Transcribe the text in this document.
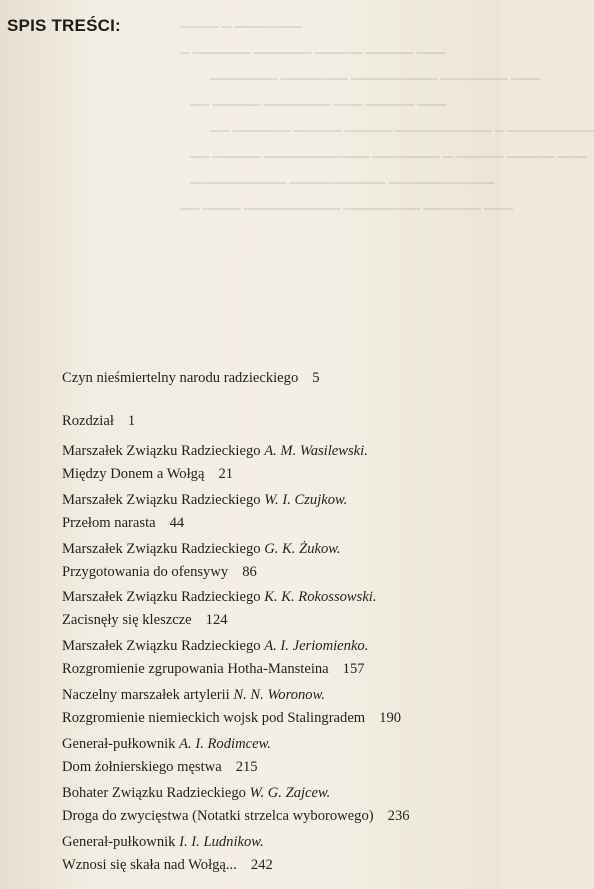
SPIS TREŚCI:	▁▁▁▁ ▁ ▁▁▁▁▁▁▁
▁ ▁▁▁▁▁▁ ▁▁▁▁▁▁ ▁▁▁▁▁ ▁▁▁▁▁ ▁▁▁
▁▁▁▁▁▁▁ ▁▁▁▁▁▁▁ ▁▁▁▁▁▁▁▁▁ ▁▁▁▁▁▁▁ ▁▁▁
▁▁ ▁▁▁▁▁ ▁▁▁▁▁▁▁ ▁▁▁ ▁▁▁▁▁ ▁▁▁
▁▁ ▁▁▁▁▁▁ ▁▁▁▁▁ ▁▁▁▁▁ ▁▁▁▁▁▁▁▁▁▁ ▁ ▁▁▁▁▁▁▁▁▁
▁▁ ▁▁▁▁▁ ▁▁▁▁▁▁▁▁▁▁▁ ▁▁▁▁▁▁▁ ▁ ▁▁▁▁▁ ▁▁▁▁▁ ▁▁▁
▁▁▁▁▁▁▁▁▁▁ ▁▁▁▁▁▁▁▁▁▁ ▁▁▁▁▁▁▁▁▁▁▁
▁▁ ▁▁▁▁ ▁▁▁▁▁▁▁▁▁▁ ▁▁▁▁▁▁▁▁ ▁▁▁▁▁▁ ▁▁▁
Czyn nieśmiertelny narodu radzieckiego 5
Rozdział 1
Marszałek Związku Radzieckiego A. M. Wasilewski.
Między Donem a Wołgą 21
Marszałek Związku Radzieckiego W. I. Czujkow.
Przełom narasta 44
Marszałek Związku Radzieckiego G. K. Żukow.
Przygotowania do ofensywy 86
Marszałek Związku Radzieckiego K. K. Rokossowski.
Zacisnęły się kleszcze 124
Marszałek Związku Radzieckiego A. I. Jeriomienko.
Rozgromienie zgrupowania Hotha-Mansteina 157
Naczelny marszałek artylerii N. N. Woronow.
Rozgromienie niemieckich wojsk pod Stalingradem 190
Generał-pułkownik A. I. Rodimcew.
Dom żołnierskiego męstwa 215
Bohater Związku Radzieckiego W. G. Zajcew.
Droga do zwycięstwa (Notatki strzelca wyborowego) 236
Generał-pułkownik I. I. Ludnikow.
Wznosi się skała nad Wołgą... 242
